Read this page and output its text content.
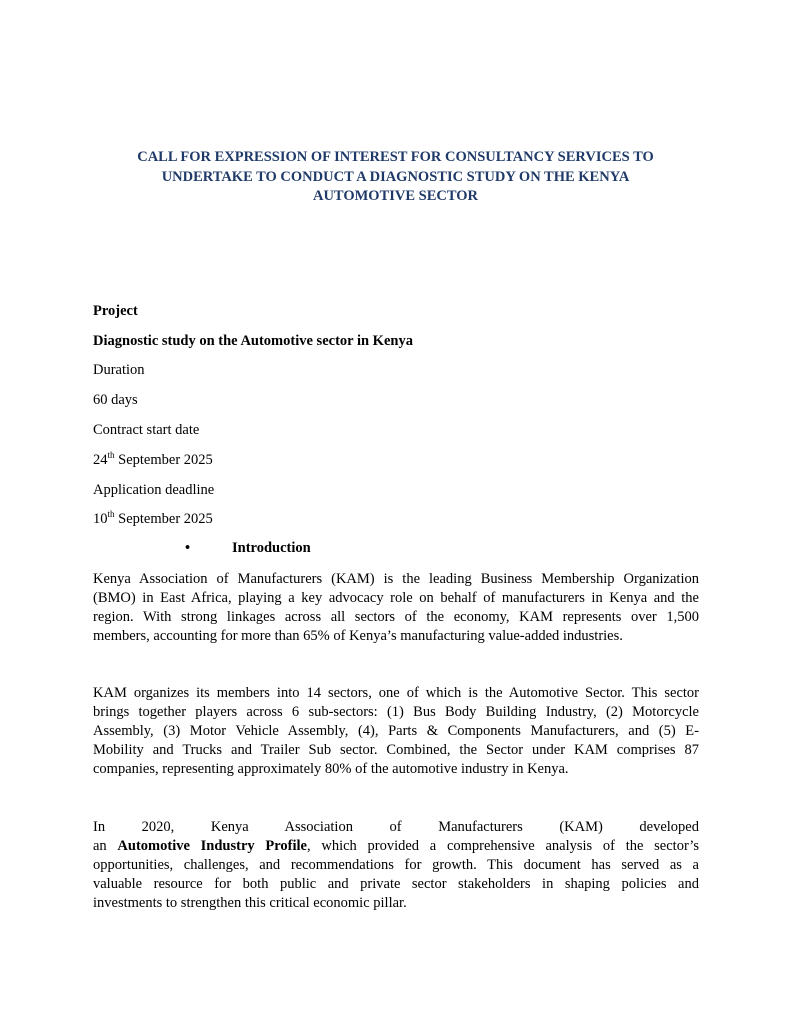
CALL FOR EXPRESSION OF INTEREST FOR CONSULTANCY SERVICES TO
UNDERTAKE TO CONDUCT A DIAGNOSTIC STUDY ON THE KENYA
AUTOMOTIVE SECTOR
Project
Diagnostic study on the Automotive sector in Kenya
Duration
60 days
Contract start date
24th September 2025
Application deadline
10th September 2025
•	Introduction
Kenya Association of Manufacturers (KAM) is the leading Business Membership Organization
(BMO) in East Africa, playing a key advocacy role on behalf of manufacturers in Kenya and the
region. With strong linkages across all sectors of the economy, KAM represents over 1,500
members, accounting for more than 65% of Kenya’s manufacturing value-added industries.
KAM organizes its members into 14 sectors, one of which is the Automotive Sector. This sector
brings together players across 6 sub-sectors: (1) Bus Body Building Industry, (2) Motorcycle
Assembly, (3) Motor Vehicle Assembly, (4), Parts & Components Manufacturers, and (5) E-
Mobility and Trucks and Trailer Sub sector. Combined, the Sector under KAM comprises 87
companies, representing approximately 80% of the automotive industry in Kenya.
In 2020, Kenya Association of Manufacturers (KAM) developed
an Automotive Industry Profile, which provided a comprehensive analysis of the sector’s
opportunities, challenges, and recommendations for growth. This document has served as a
valuable resource for both public and private sector stakeholders in shaping policies and
investments to strengthen this critical economic pillar.
